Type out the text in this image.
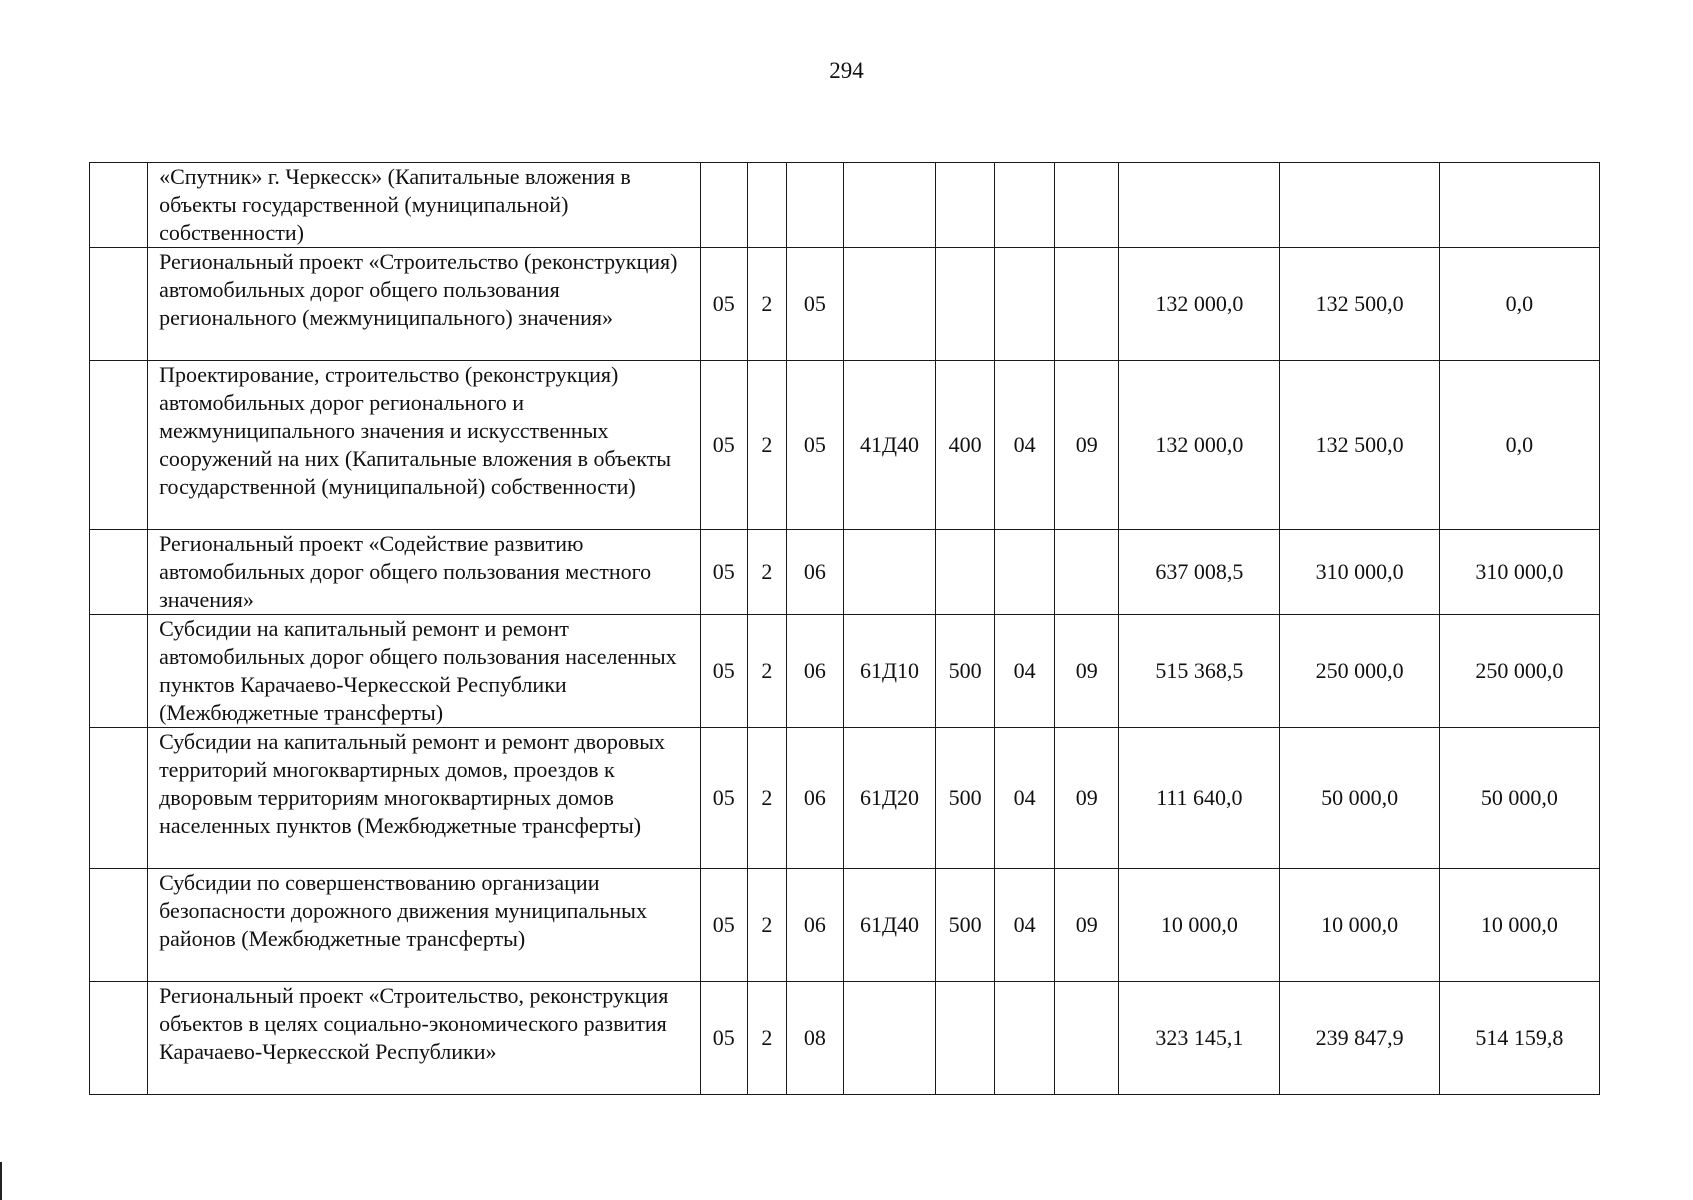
294
	«Спутник» г. Черкесск» (Капитальные вложения в объекты государственной (муниципальной) собственности)										
	Региональный проект «Строительство (реконструкция) автомобильных дорог общего пользования регионального (межмуниципального) значения»	05	2	05					132 000,0	132 500,0	0,0
	Проектирование, строительство (реконструкция) автомобильных дорог регионального и межмуниципального значения и искусственных сооружений на них (Капитальные вложения в объекты государственной (муниципальной) собственности)	05	2	05	41Д40	400	04	09	132 000,0	132 500,0	0,0
	Региональный проект «Содействие развитию автомобильных дорог общего пользования местного значения»	05	2	06					637 008,5	310 000,0	310 000,0
	Субсидии на капитальный ремонт и ремонт автомобильных дорог общего пользования населенных пунктов Карачаево-Черкесской Республики (Межбюджетные трансферты)	05	2	06	61Д10	500	04	09	515 368,5	250 000,0	250 000,0
	Субсидии на капитальный ремонт и ремонт дворовых территорий многоквартирных домов, проездов к дворовым территориям многоквартирных домов населенных пунктов (Межбюджетные трансферты)	05	2	06	61Д20	500	04	09	111 640,0	50 000,0	50 000,0
	Субсидии по совершенствованию организации безопасности дорожного движения муниципальных районов (Межбюджетные трансферты)	05	2	06	61Д40	500	04	09	10 000,0	10 000,0	10 000,0
	Региональный проект «Строительство, реконструкция объектов в целях социально-экономического развития Карачаево-Черкесской Республики»	05	2	08					323 145,1	239 847,9	514 159,8
